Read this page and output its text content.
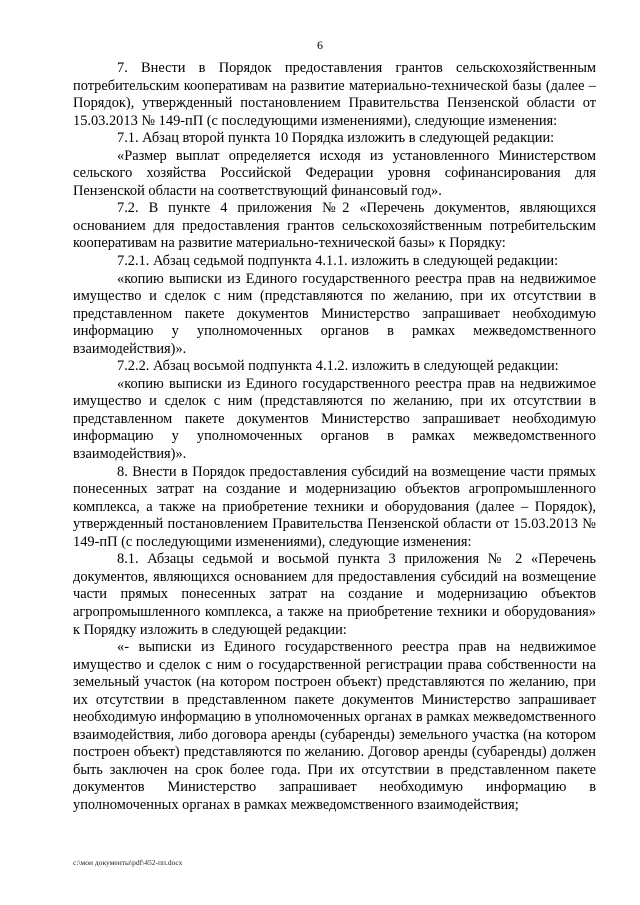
6

7. Внести в Порядок предоставления грантов сельскохозяйственным потребительским кооперативам на развитие материально-технической базы (далее – Порядок), утвержденный постановлением Правительства Пензенской области от 15.03.2013 № 149-пП (с последующими изменениями), следующие изменения:

7.1. Абзац второй пункта 10 Порядка изложить в следующей редакции:

«Размер выплат определяется исходя из установленного Министерством сельского хозяйства Российской Федерации уровня софинансирования для Пензенской области на соответствующий финансовый год».

7.2. В пункте 4 приложения №2 «Перечень документов, являющихся основанием для предоставления грантов сельскохозяйственным потребительским кооперативам на развитие материально-технической базы» к Порядку:

7.2.1. Абзац седьмой подпункта 4.1.1. изложить в следующей редакции:

«копию выписки из Единого государственного реестра прав на недвижимое имущество и сделок с ним (представляются по желанию, при их отсутствии в представленном пакете документов Министерство запрашивает необходимую информацию у уполномоченных органов в рамках межведомственного взаимодействия)».

7.2.2. Абзац восьмой подпункта 4.1.2. изложить в следующей редакции:

«копию выписки из Единого государственного реестра прав на недвижимое имущество и сделок с ним (представляются по желанию, при их отсутствии в представленном пакете документов Министерство запрашивает необходимую информацию у уполномоченных органов в рамках межведомственного взаимодействия)».

8. Внести в Порядок предоставления субсидий на возмещение части прямых понесенных затрат на создание и модернизацию объектов агропромышленного комплекса, а также на приобретение техники и оборудования (далее – Порядок), утвержденный постановлением Правительства Пензенской области от 15.03.2013 № 149-пП (с последующими изменениями), следующие изменения:

8.1. Абзацы седьмой и восьмой пункта 3 приложения № 2 «Перечень документов, являющихся основанием для предоставления субсидий на возмещение части прямых понесенных затрат на создание и модернизацию объектов агропромышленного комплекса, а также на приобретение техники и оборудования» к Порядку изложить в следующей редакции:

«- выписки из Единого государственного реестра прав на недвижимое имущество и сделок с ним о государственной регистрации права собственности на земельный участок (на котором построен объект) представляются по желанию, при их отсутствии в представленном пакете документов Министерство запрашивает необходимую информацию в уполномоченных органах в рамках межведомственного взаимодействия, либо договора аренды (субаренды) земельного участка (на котором построен объект) представляются по желанию. Договор аренды (субаренды) должен быть заключен на срок более года. При их отсутствии в представленном пакете документов Министерство запрашивает необходимую информацию в уполномоченных органах в рамках межведомственного взаимодействия;

c:\мои документы\pdf\452-пп.docx
